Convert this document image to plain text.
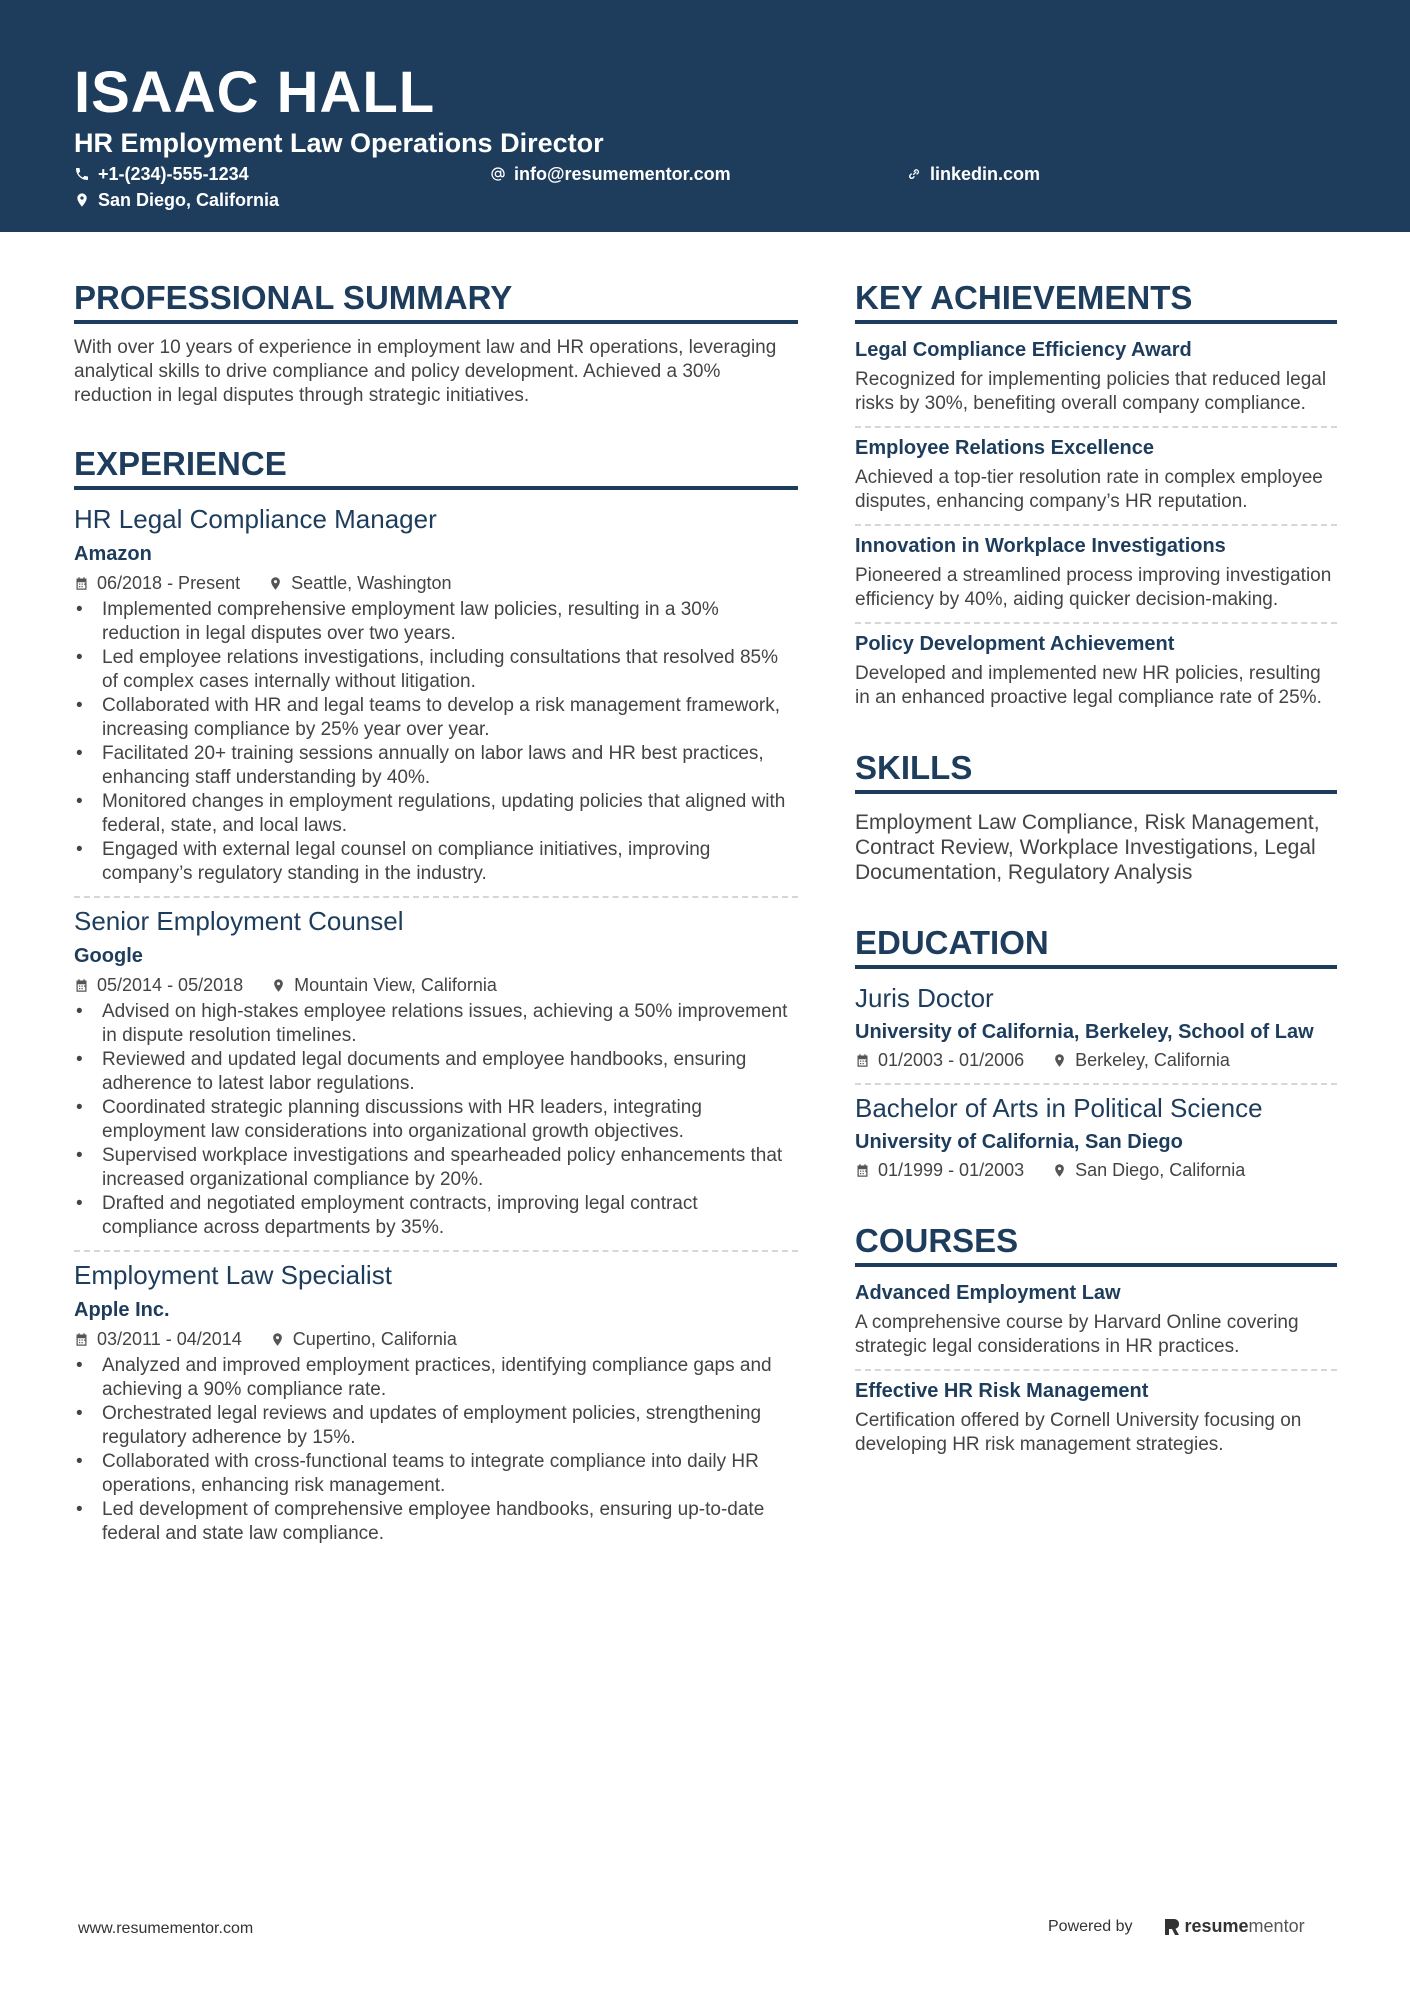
ISAAC HALL
HR Employment Law Operations Director
+1-(234)-555-1234	info@resumementor.com	linkedin.com
San Diego, California
PROFESSIONAL SUMMARY

With over 10 years of experience in employment law and HR operations, leveraging analytical skills to drive compliance and policy development. Achieved a 30% reduction in legal disputes through strategic initiatives.

EXPERIENCE
HR Legal Compliance Manager
Amazon
06/2018 - Present	Seattle, Washington
• Implemented comprehensive employment law policies, resulting in a 30% reduction in legal disputes over two years.
• Led employee relations investigations, including consultations that resolved 85% of complex cases internally without litigation.
• Collaborated with HR and legal teams to develop a risk management framework, increasing compliance by 25% year over year.
• Facilitated 20+ training sessions annually on labor laws and HR best practices, enhancing staff understanding by 40%.
• Monitored changes in employment regulations, updating policies that aligned with federal, state, and local laws.
• Engaged with external legal counsel on compliance initiatives, improving company’s regulatory standing in the industry.
Senior Employment Counsel
Google
05/2014 - 05/2018	Mountain View, California
• Advised on high-stakes employee relations issues, achieving a 50% improvement in dispute resolution timelines.
• Reviewed and updated legal documents and employee handbooks, ensuring adherence to latest labor regulations.
• Coordinated strategic planning discussions with HR leaders, integrating employment law considerations into organizational growth objectives.
• Supervised workplace investigations and spearheaded policy enhancements that increased organizational compliance by 20%.
• Drafted and negotiated employment contracts, improving legal contract compliance across departments by 35%.
Employment Law Specialist
Apple Inc.
03/2011 - 04/2014	Cupertino, California
• Analyzed and improved employment practices, identifying compliance gaps and achieving a 90% compliance rate.
• Orchestrated legal reviews and updates of employment policies, strengthening regulatory adherence by 15%.
• Collaborated with cross-functional teams to integrate compliance into daily HR operations, enhancing risk management.
• Led development of comprehensive employee handbooks, ensuring up-to-date federal and state law compliance.
KEY ACHIEVEMENTS
Legal Compliance Efficiency Award
Recognized for implementing policies that reduced legal risks by 30%, benefiting overall company compliance.
Employee Relations Excellence
Achieved a top-tier resolution rate in complex employee disputes, enhancing company’s HR reputation.
Innovation in Workplace Investigations
Pioneered a streamlined process improving investigation efficiency by 40%, aiding quicker decision-making.
Policy Development Achievement
Developed and implemented new HR policies, resulting in an enhanced proactive legal compliance rate of 25%.
SKILLS
Employment Law Compliance, Risk Management, Contract Review, Workplace Investigations, Legal Documentation, Regulatory Analysis
EDUCATION
Juris Doctor
University of California, Berkeley, School of Law
01/2003 - 01/2006	Berkeley, California
Bachelor of Arts in Political Science
University of California, San Diego
01/1999 - 01/2003	San Diego, California
COURSES
Advanced Employment Law
A comprehensive course by Harvard Online covering strategic legal considerations in HR practices.
Effective HR Risk Management
Certification offered by Cornell University focusing on developing HR risk management strategies.
www.resumementor.com	Powered by	resume mentor
